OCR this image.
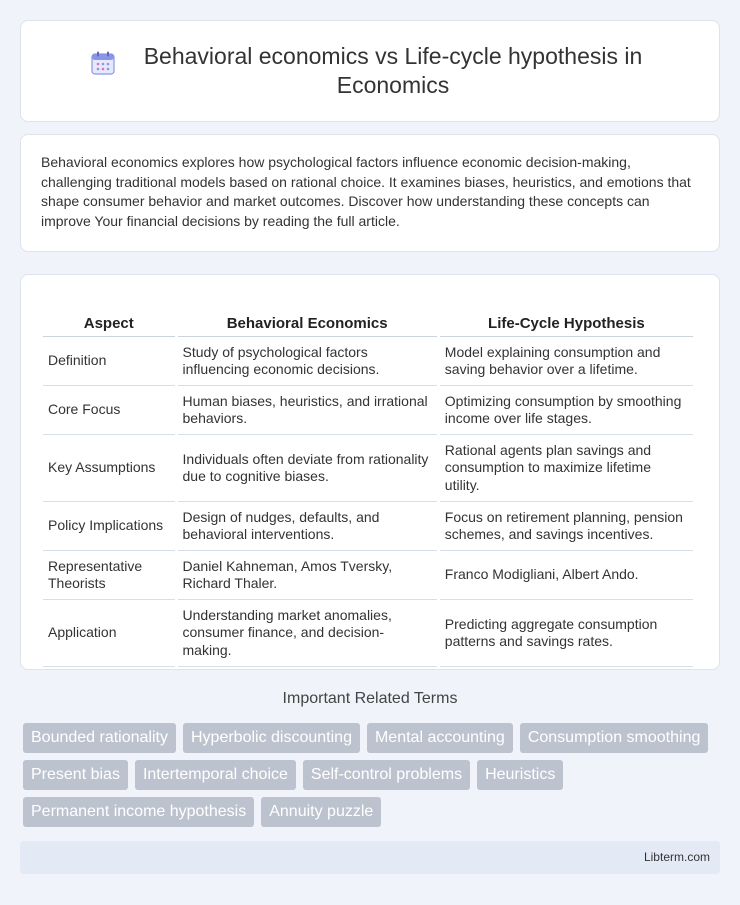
Behavioral economics vs Life-cycle hypothesis in Economics

Behavioral economics explores how psychological factors influence economic decision-making, challenging traditional models based on rational choice. It examines biases, heuristics, and emotions that shape consumer behavior and market outcomes. Discover how understanding these concepts can improve Your financial decisions by reading the full article.

Aspect	Behavioral Economics	Life-Cycle Hypothesis
Definition	Study of psychological factors influencing economic decisions.	Model explaining consumption and saving behavior over a lifetime.
Core Focus	Human biases, heuristics, and irrational behaviors.	Optimizing consumption by smoothing income over life stages.
Key Assumptions	Individuals often deviate from rationality due to cognitive biases.	Rational agents plan savings and consumption to maximize lifetime utility.
Policy Implications	Design of nudges, defaults, and behavioral interventions.	Focus on retirement planning, pension schemes, and savings incentives.
Representative Theorists	Daniel Kahneman, Amos Tversky, Richard Thaler.	Franco Modigliani, Albert Ando.
Application	Understanding market anomalies, consumer finance, and decision-making.	Predicting aggregate consumption patterns and savings rates.
Important Related Terms
Bounded rationality	Hyperbolic discounting	Mental accounting	Consumption smoothing
Present bias	Intertemporal choice	Self-control problems	Heuristics
Permanent income hypothesis	Annuity puzzle
Libterm.com
